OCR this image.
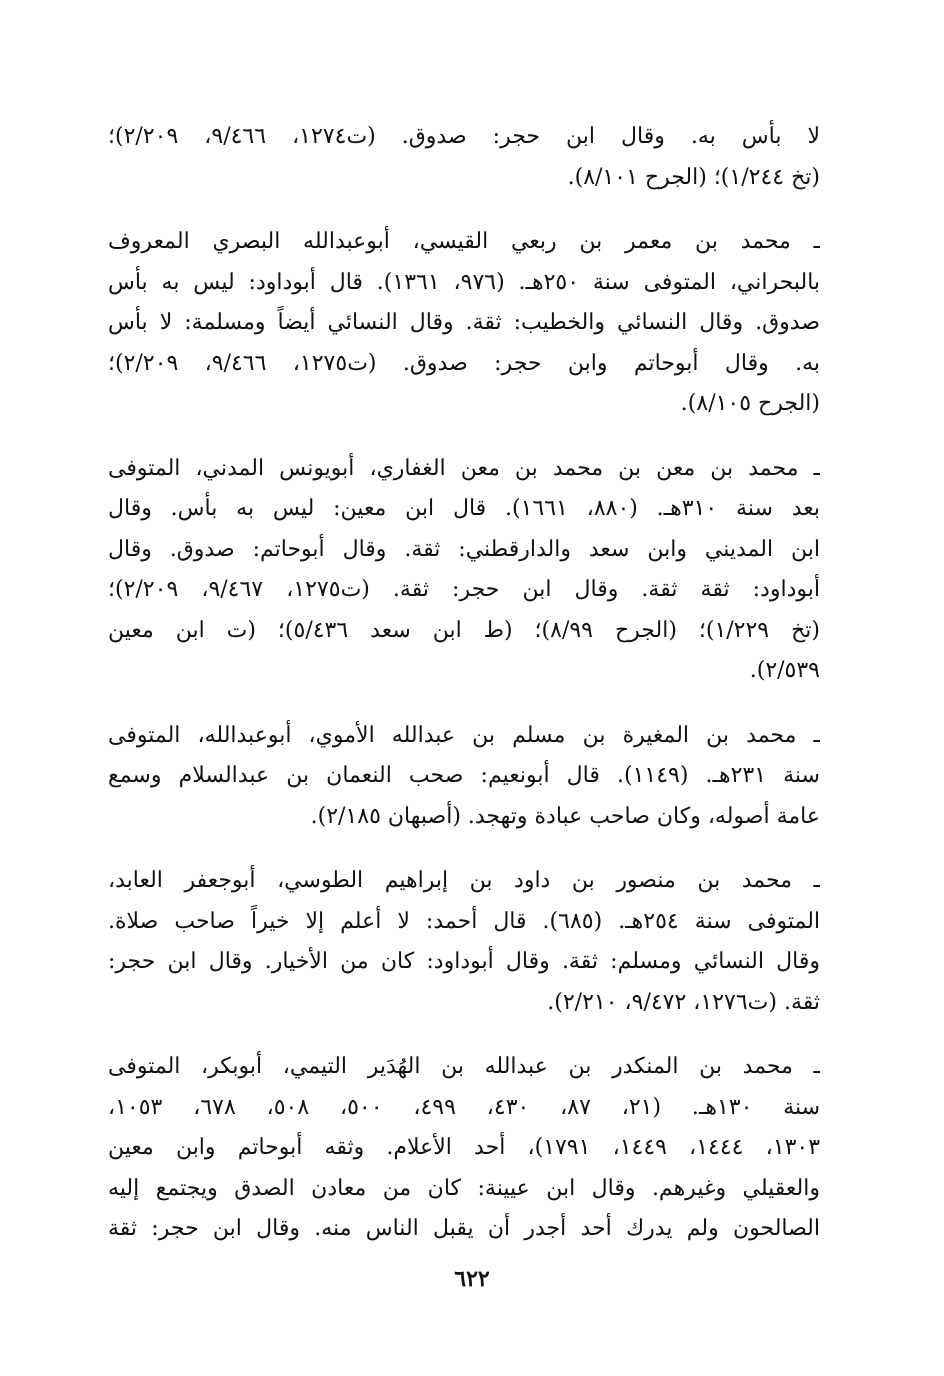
لا بأس به. وقال ابن حجر: صدوق. (ت١٢٧٤، ٩/٤٦٦، ٢/٢٠٩)؛
(تخ ١/٢٤٤)؛ (الجرح ٨/١٠١).
ـ محمد بن معمر بن ربعي القيسي، أبوعبدالله البصري المعروف
بالبحراني، المتوفى سنة ٢٥٠هـ. (٩٧٦، ١٣٦١). قال أبوداود: ليس به بأس
صدوق. وقال النسائي والخطيب: ثقة. وقال النسائي أيضاً ومسلمة: لا بأس
به. وقال أبوحاتم وابن حجر: صدوق. (ت١٢٧٥، ٩/٤٦٦، ٢/٢٠٩)؛
(الجرح ٨/١٠٥).
ـ محمد بن معن بن محمد بن معن الغفاري، أبويونس المدني، المتوفى
بعد سنة ٣١٠هـ. (٨٨٠، ١٦٦١). قال ابن معين: ليس به بأس. وقال
ابن المديني وابن سعد والدارقطني: ثقة. وقال أبوحاتم: صدوق. وقال
أبوداود: ثقة ثقة. وقال ابن حجر: ثقة. (ت١٢٧٥، ٩/٤٦٧، ٢/٢٠٩)؛
(تخ ١/٢٢٩)؛ (الجرح ٨/٩٩)؛ (ط ابن سعد ٥/٤٣٦)؛ (ت ابن معين
٢/٥٣٩).
ـ محمد بن المغيرة بن مسلم بن عبدالله الأموي، أبوعبدالله، المتوفى
سنة ٢٣١هـ. (١١٤٩). قال أبونعيم: صحب النعمان بن عبدالسلام وسمع
عامة أصوله، وكان صاحب عبادة وتهجد. (أصبهان ٢/١٨٥).
ـ محمد بن منصور بن داود بن إبراهيم الطوسي، أبوجعفر العابد،
المتوفى سنة ٢٥٤هـ. (٦٨٥). قال أحمد: لا أعلم إلا خيراً صاحب صلاة.
وقال النسائي ومسلم: ثقة. وقال أبوداود: كان من الأخيار. وقال ابن حجر:
ثقة. (ت١٢٧٦، ٩/٤٧٢، ٢/٢١٠).
ـ محمد بن المنكدر بن عبدالله بن الهُدَير التيمي، أبوبكر، المتوفى
سنة ١٣٠هـ. (٢١، ٨٧، ٤٣٠، ٤٩٩، ٥٠٠، ٥٠٨، ٦٧٨، ١٠٥٣،
١٣٠٣، ١٤٤٤، ١٤٤٩، ١٧٩١)، أحد الأعلام. وثقه أبوحاتم وابن معين
والعقيلي وغيرهم. وقال ابن عيينة: كان من معادن الصدق ويجتمع إليه
الصالحون ولم يدرك أحد أجدر أن يقبل الناس منه. وقال ابن حجر: ثقة
٦٢٢
